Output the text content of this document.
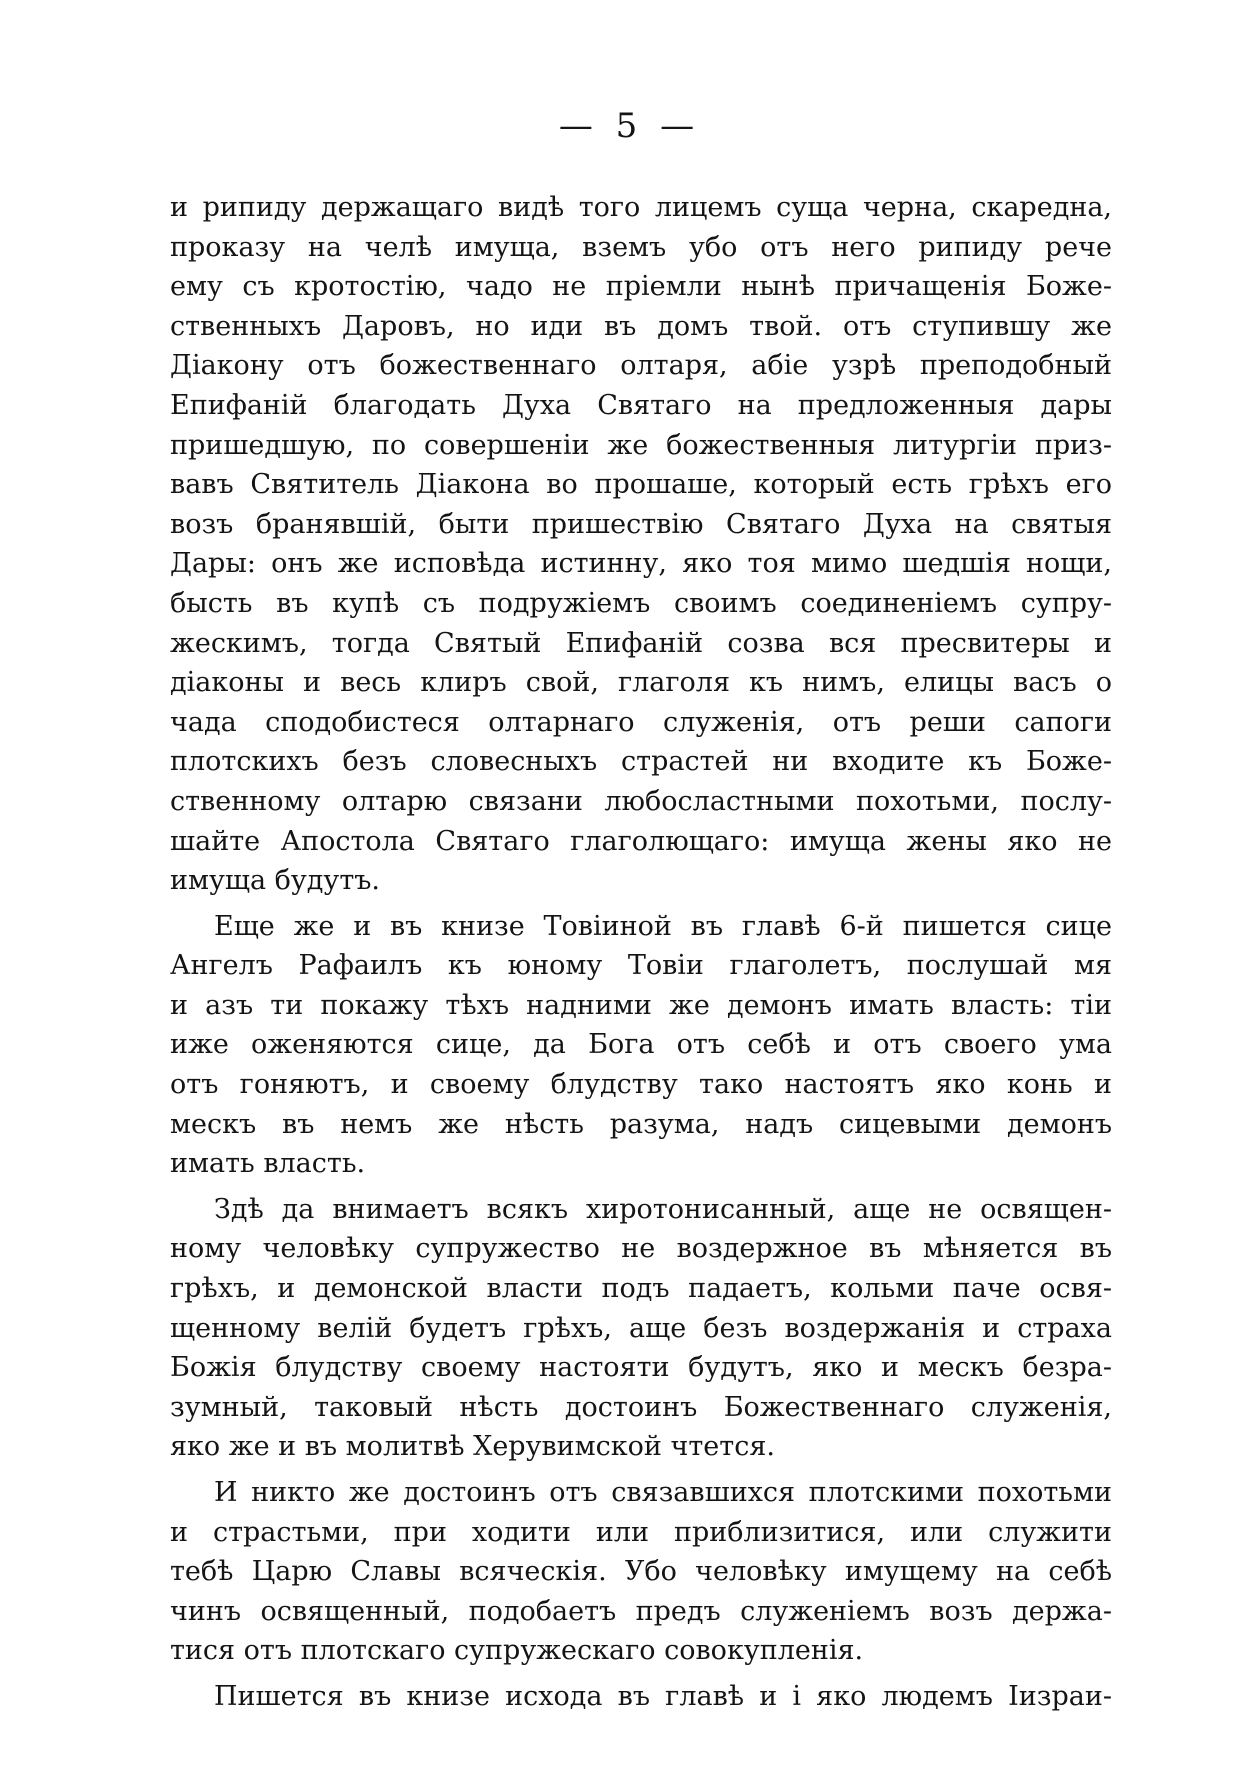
— 5 —
и рипиду держащаго видѣ того лицемъ суща черна, скаредна,
проказу на челѣ имуща, вземъ убо отъ него рипиду рече
ему съ кротостію, чадо не пріемли нынѣ причащенія Боже-
ственныхъ Даровъ, но иди въ домъ твой. отъ ступившу же
Діакону отъ божественнаго олтаря, абіе узрѣ преподобный
Епифаній благодать Духа Святаго на предложенныя дары
пришедшую, по совершеніи же божественныя литургіи приз-
вавъ Святитель Діакона во прошаше, который есть грѣхъ его
возъ бранявшій, быти пришествію Святаго Духа на святыя
Дары: онъ же исповѣда истинну, яко тоя мимо шедшія нощи,
бысть въ купѣ съ подружіемъ своимъ соединеніемъ супру-
жескимъ, тогда Святый Епифаній созва вся пресвитеры и
діаконы и весь клиръ свой, глаголя къ нимъ, елицы васъ о
чада сподобистеся олтарнаго служенія, отъ реши сапоги
плотскихъ безъ словесныхъ страстей ни входите къ Боже-
ственному олтарю связани любосластными похотьми, послу-
шайте Апостола Святаго глаголющаго: имуща жены яко не
имуща будутъ.
Еще же и въ книзе Товіиной въ главѣ 6-й пишется сице
Ангелъ Рафаилъ къ юному Товіи глаголетъ, послушай мя
и азъ ти покажу тѣхъ надними же демонъ имать власть: тіи
иже оженяются сице, да Бога отъ себѣ и отъ своего ума
отъ гоняютъ, и своему блудству тако настоятъ яко конь и
мескъ въ немъ же нѣсть разума, надъ сицевыми демонъ
имать власть.
Здѣ да внимаетъ всякъ хиротонисанный, аще не освящен-
ному человѣку супружество не воздержное въ мѣняется въ
грѣхъ, и демонской власти подъ падаетъ, кольми паче освя-
щенному велій будетъ грѣхъ, аще безъ воздержанія и страха
Божія блудству своему настояти будутъ, яко и мескъ безра-
зумный, таковый нѣсть достоинъ Божественнаго служенія,
яко же и въ молитвѣ Херувимской чтется.
И никто же достоинъ отъ связавшихся плотскими похотьми
и страстьми, при ходити или приблизитися, или служити
тебѣ Царю Славы всяческія. Убо человѣку имущему на себѣ
чинъ освященный, подобаетъ предъ служеніемъ возъ держа-
тися отъ плотскаго супружескаго совокупленія.
Пишется въ книзе исхода въ главѣ и і яко людемъ Іизраи-
